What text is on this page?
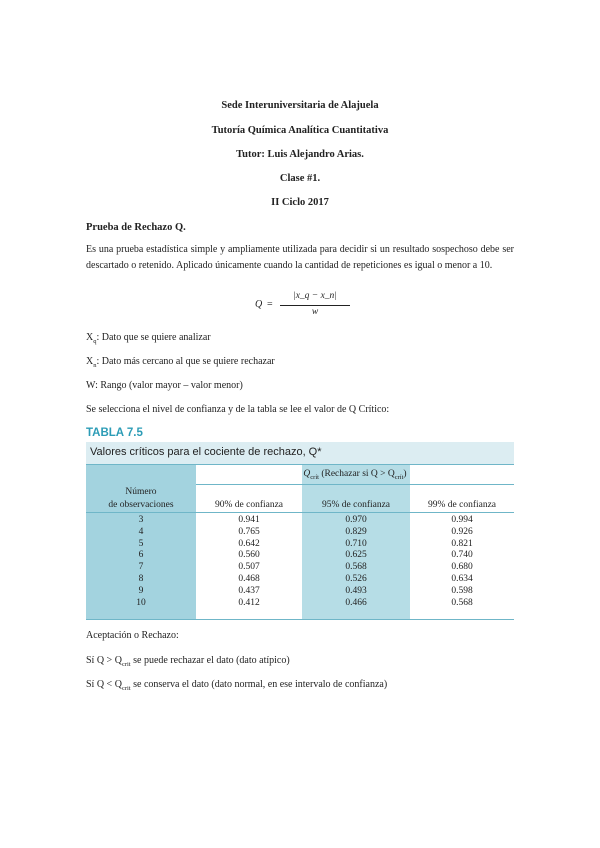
Sede Interuniversitaria de Alajuela
Tutoría Química Analítica Cuantitativa
Tutor: Luis Alejandro Arias.
Clase #1.
II Ciclo 2017
Prueba de Rechazo Q.
Es una prueba estadística simple y ampliamente utilizada para decidir si un resultado sospechoso debe ser descartado o retenido. Aplicado únicamente cuando la cantidad de repeticiones es igual o menor a 10.
Q =
|x_q − x_n|
w
$X_q$: Dato que se quiere analizar
$X_n$: Dato más cercano al que se quiere rechazar
W: Rango (valor mayor – valor menor)
Se selecciona el nivel de confianza y de la tabla se lee el valor de Q Crítico:
TABLA 7.5
Valores críticos para el cociente de rechazo, Q*
$Q_{crít}$ (Rechazar si $Q > Q_{crít}$)
Número
de observaciones	90% de confianza	95% de confianza	99% de confianza
3	0.941	0.970	0.994
4	0.765	0.829	0.926
5	0.642	0.710	0.821
6	0.560	0.625	0.740
7	0.507	0.568	0.680
8	0.468	0.526	0.634
9	0.437	0.493	0.598
10	0.412	0.466	0.568
Aceptación o Rechazo:
Sí $Q > Q_{crit}$ se puede rechazar el dato (dato atípico)
Sí $Q < Q_{crit}$ se conserva el dato (dato normal, en ese intervalo de confianza)
